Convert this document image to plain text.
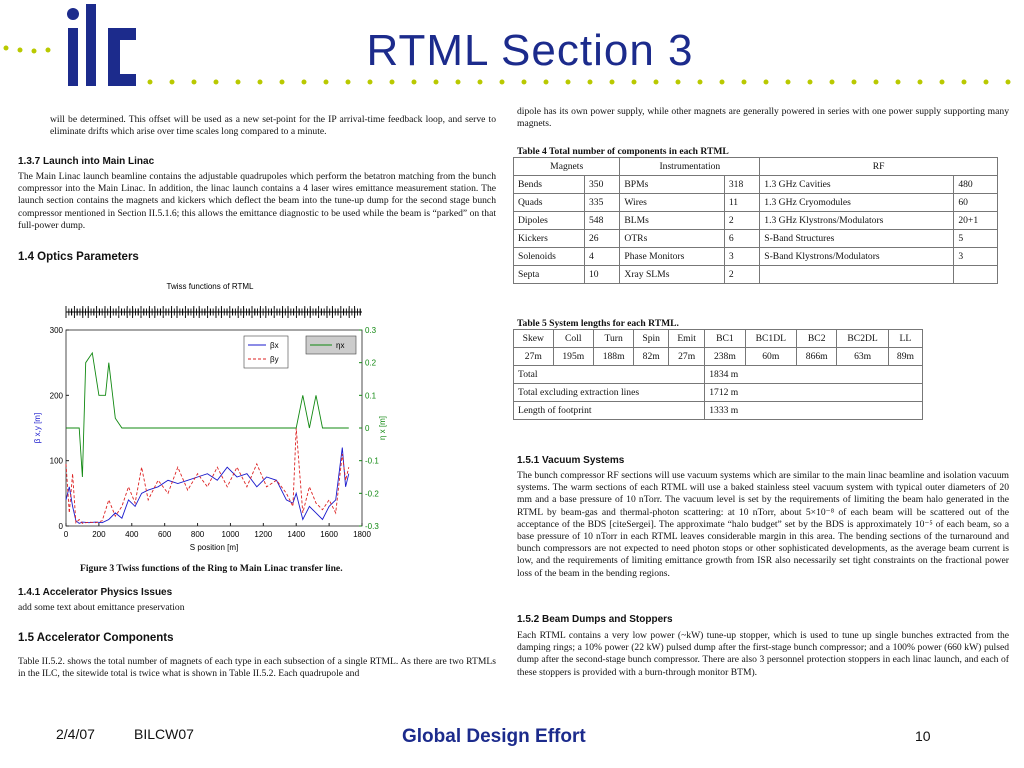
RTML Section 3
will be determined. This offset will be used as a new set-point for the IP arrival-time feedback loop, and serve to eliminate drifts which arise over time scales long compared to a minute.
1.3.7 Launch into Main Linac
The Main Linac launch beamline contains the adjustable quadrupoles which perform the betatron matching from the bunch compressor into the Main Linac. In addition, the linac launch contains a 4 laser wires emittance measurement station. The launch section contains the magnets and kickers which deflect the beam into the tune-up dump for the second stage bunch compressor mentioned in Section II.5.1.6; this allows the emittance diagnostic to be used while the beam is “parked” on that full-power dump.
1.4 Optics Parameters
Twiss functions of RTML
0
100
200
300
-0.3
-0.2
-0.1
0
0.1
0.2
0.3
0	200 400 600 800 1000 1200 1400 1600 1800
βx
βy
ηx
S position [m]
β x,y [m]	η x [m]
Figure 3 Twiss functions of the Ring to Main Linac transfer line.
1.4.1 Accelerator Physics Issues
add some text about emittance preservation
1.5 Accelerator Components
Table II.5.2. shows the total number of magnets of each type in each subsection of a single RTML. As there are two RTMLs in the ILC, the sitewide total is twice what is shown in Table II.5.2. Each quadrupole and
dipole has its own power supply, while other magnets are generally powered in series with one power supply supporting many magnets.
Table 4 Total number of components in each RTML
Magnets		Instrumentation		RF	
Bends	350	BPMs	318	1.3 GHz Cavities	480
Quads	335	Wires	11	1.3 GHz Cryomodules	60
Dipoles	548	BLMs	2	1.3 GHz Klystrons/Modulators	20+1
Kickers	26	OTRs	6	S-Band Structures	5
Solenoids	4	Phase Monitors	3	S-Band Klystrons/Modulators	3
Septa	10	Xray SLMs	2		
Table 5 System lengths for each RTML.
Skew	Coll	Turn	Spin	Emit	BC1	BC1DL	BC2	BC2DL	LL
27m	195m	188m	82m	27m	238m	60m	866m	63m	89m
Total					1834 m				
Total excluding extraction lines					1712 m				
Length of footprint					1333 m				
1.5.1 Vacuum Systems
The bunch compressor RF sections will use vacuum systems which are similar to the main linac beamline and isolation vacuum systems. The warm sections of each RTML will use a baked stainless steel vacuum system with typical outer diameters of 20 mm and a base pressure of 10 nTorr. The vacuum level is set by the requirements of limiting the beam halo generated in the RTML by beam-gas and thermal-photon scattering: at 10 nTorr, about 5×10⁻⁸ of each beam will be scattered out of the acceptance of the BDS [citeSergei]. The approximate “halo budget” set by the BDS is approximately 10⁻⁵ of each beam, so a base pressure of 10 nTorr in each RTML leaves considerable margin in this area. The bending sections of the turnaround and bunch compressors are not expected to need photon stops or other sophisticated developments, as the average beam current is low, and the requirements of limiting emittance growth from ISR also necessarily set tight constraints on the fractional power loss of the beam in the bending regions.
1.5.2 Beam Dumps and Stoppers
Each RTML contains a very low power (~kW) tune-up stopper, which is used to tune up single bunches extracted from the damping rings; a 10% power (22 kW) pulsed dump after the first-stage bunch compressor; and a 100% power (660 kW) pulsed dump after the second-stage bunch compressor. There are also 3 personnel protection stoppers in each linac launch, and each of these stoppers is provided with a burn-through monitor BTM).
2/4/07	BILCW07	Global Design Effort	10
